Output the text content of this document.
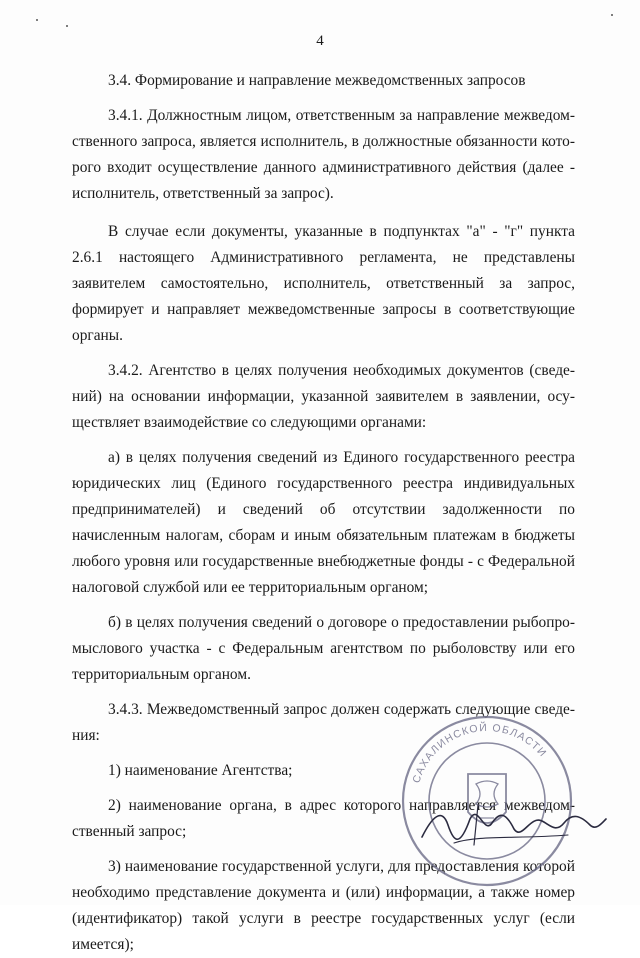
4

3.4. Формирование и направление межведомственных запросов

3.4.1. Должностным лицом, ответственным за направление межведомственного запроса, является исполнитель, в должностные обязанности которого входит осуществление данного административного действия (далее - исполнитель, ответственный за запрос).

В случае если документы, указанные в подпунктах "а" - "г" пункта 2.6.1 настоящего Административного регламента, не представлены заявителем самостоятельно, исполнитель, ответственный за запрос, формирует и направляет межведомственные запросы в соответствующие органы.

3.4.2. Агентство в целях получения необходимых документов (сведений) на основании информации, указанной заявителем в заявлении, осуществляет взаимодействие со следующими органами:

а) в целях получения сведений из Единого государственного реестра юридических лиц (Единого государственного реестра индивидуальных предпринимателей) и сведений об отсутствии задолженности по начисленным налогам, сборам и иным обязательным платежам в бюджеты любого уровня или государственные внебюджетные фонды - с Федеральной налоговой службой или ее территориальным органом;

б) в целях получения сведений о договоре о предоставлении рыбопромыслового участка - с Федеральным агентством по рыболовству или его территориальным органом.

3.4.3. Межведомственный запрос должен содержать следующие сведения:

1) наименование Агентства;

2) наименование органа, в адрес которого направляется межведомственный запрос;

3) наименование государственной услуги, для предоставления которой необходимо представление документа и (или) информации, а также номер (идентификатор) такой услуги в реестре государственных услуг (если имеется);

САХАЛИНСКОЙ ОБЛАСТИ
